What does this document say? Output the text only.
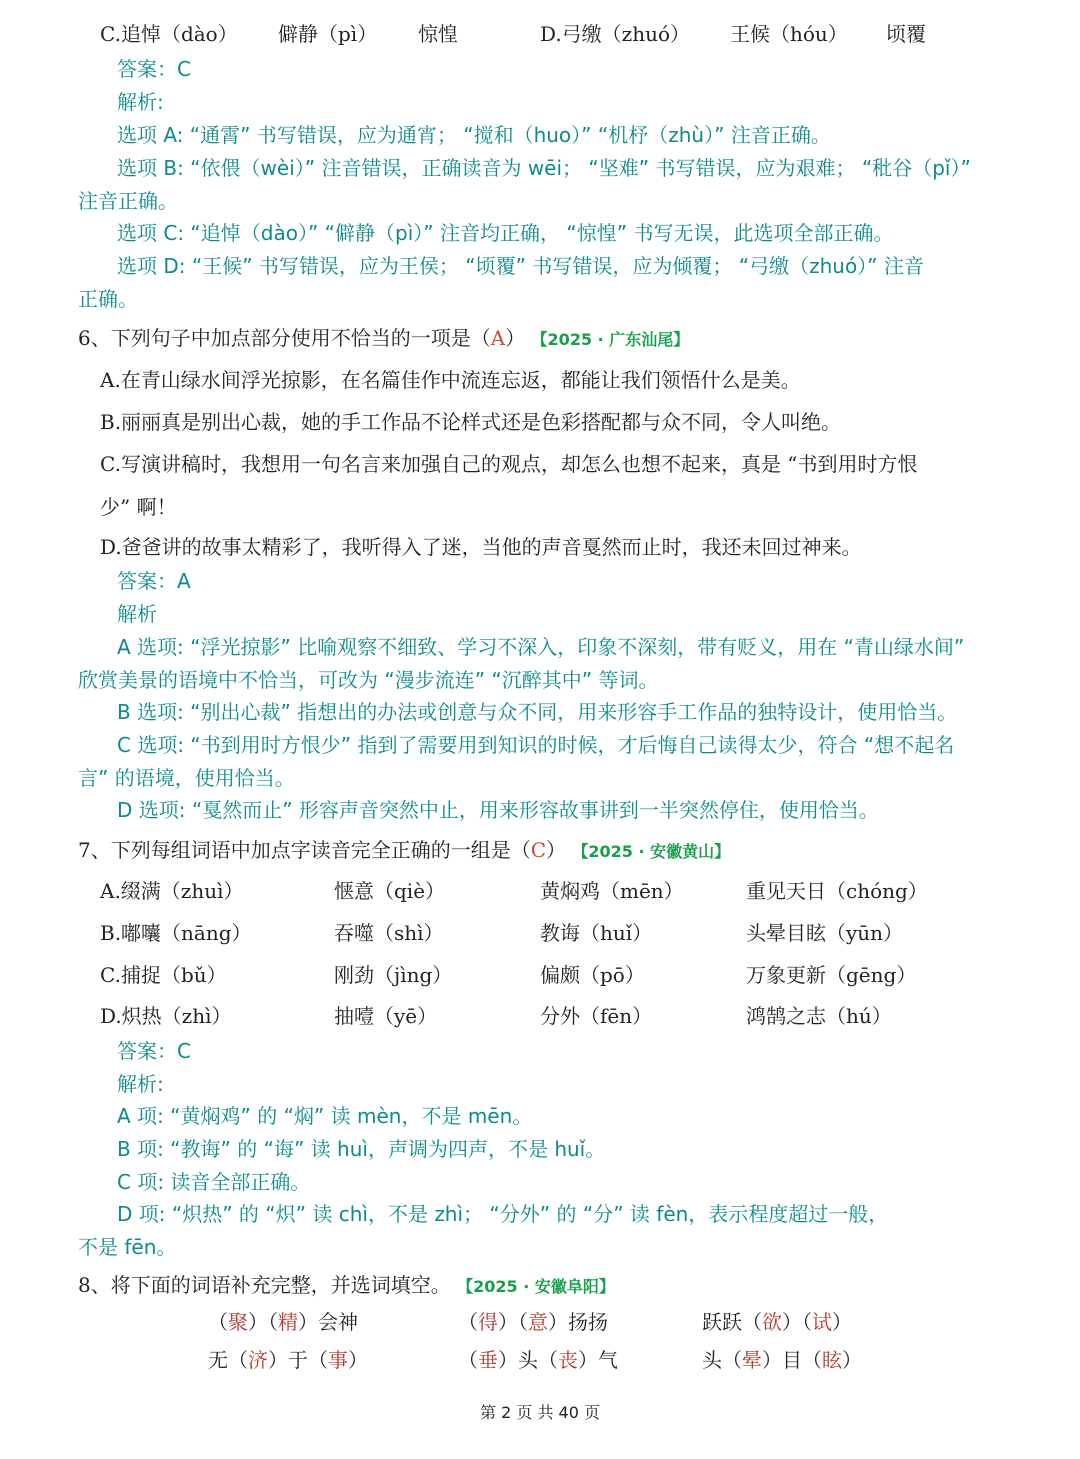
C.追悼（dào） 僻静（pì） 惊惶	D.弓缴（zhuó） 王候（hóu） 顷覆
答案：C
解析:
选项 A: “通霄” 书写错误，应为通宵； “搅和（huo）” “机杼（zhù）” 注音正确。
选项 B: “依偎（wèi）” 注音错误，正确读音为 wēi； “坚难” 书写错误，应为艰难； “秕谷（pǐ）”
注音正确。
选项 C: “追悼（dào）” “僻静（pì）” 注音均正确， “惊惶” 书写无误，此选项全部正确。
选项 D: “王候” 书写错误，应为王侯； “顷覆” 书写错误，应为倾覆； “弓缴（zhuó）” 注音
正确。
6、下列句子中加点部分使用不恰当的一项是（A） 【2025 · 广东汕尾】
A.在青山绿水间浮光掠影，在名篇佳作中流连忘返，都能让我们领悟什么是美。
B.丽丽真是别出心裁，她的手工作品不论样式还是色彩搭配都与众不同，令人叫绝。
C.写演讲稿时，我想用一句名言来加强自己的观点，却怎么也想不起来，真是 “书到用时方恨
少” 啊！
D.爸爸讲的故事太精彩了，我听得入了迷，当他的声音戛然而止时，我还未回过神来。
答案：A
解析
A 选项: “浮光掠影” 比喻观察不细致、学习不深入，印象不深刻，带有贬义，用在 “青山绿水间”
欣赏美景的语境中不恰当，可改为 “漫步流连” “沉醉其中” 等词。
B 选项: “别出心裁” 指想出的办法或创意与众不同，用来形容手工作品的独特设计，使用恰当。
C 选项: “书到用时方恨少” 指到了需要用到知识的时候，才后悔自己读得太少，符合 “想不起名
言” 的语境，使用恰当。
D 选项: “戛然而止” 形容声音突然中止，用来形容故事讲到一半突然停住，使用恰当。
7、下列每组词语中加点字读音完全正确的一组是（C） 【2025 · 安徽黄山】
A.缀满（zhuì）	惬意（qiè）	黄焖鸡（mēn）	重见天日（chóng）
B.嘟囔（nāng）	吞噬（shì）	教诲（huǐ）	头晕目眩（yūn）
C.捕捉（bǔ）	刚劲（jìng）	偏颇（pō）	万象更新（gēng）
D.炽热（zhì）	抽噎（yē）	分外（fēn）	鸿鹄之志（hú）
答案：C
解析:
A 项: “黄焖鸡” 的 “焖” 读 mèn，不是 mēn。
B 项: “教诲” 的 “诲” 读 huì，声调为四声，不是 huǐ。
C 项: 读音全部正确。
D 项: “炽热” 的 “炽” 读 chì，不是 zhì； “分外” 的 “分” 读 fèn，表示程度超过一般，
不是 fēn。
8、将下面的词语补充完整，并选词填空。 【2025 · 安徽阜阳】
（聚）（精）会神	（得）（意）扬扬	跃跃（欲）（试）
无（济）于（事）	（垂）头（丧）气	头（晕）目（眩）
第 2 页 共 40 页
